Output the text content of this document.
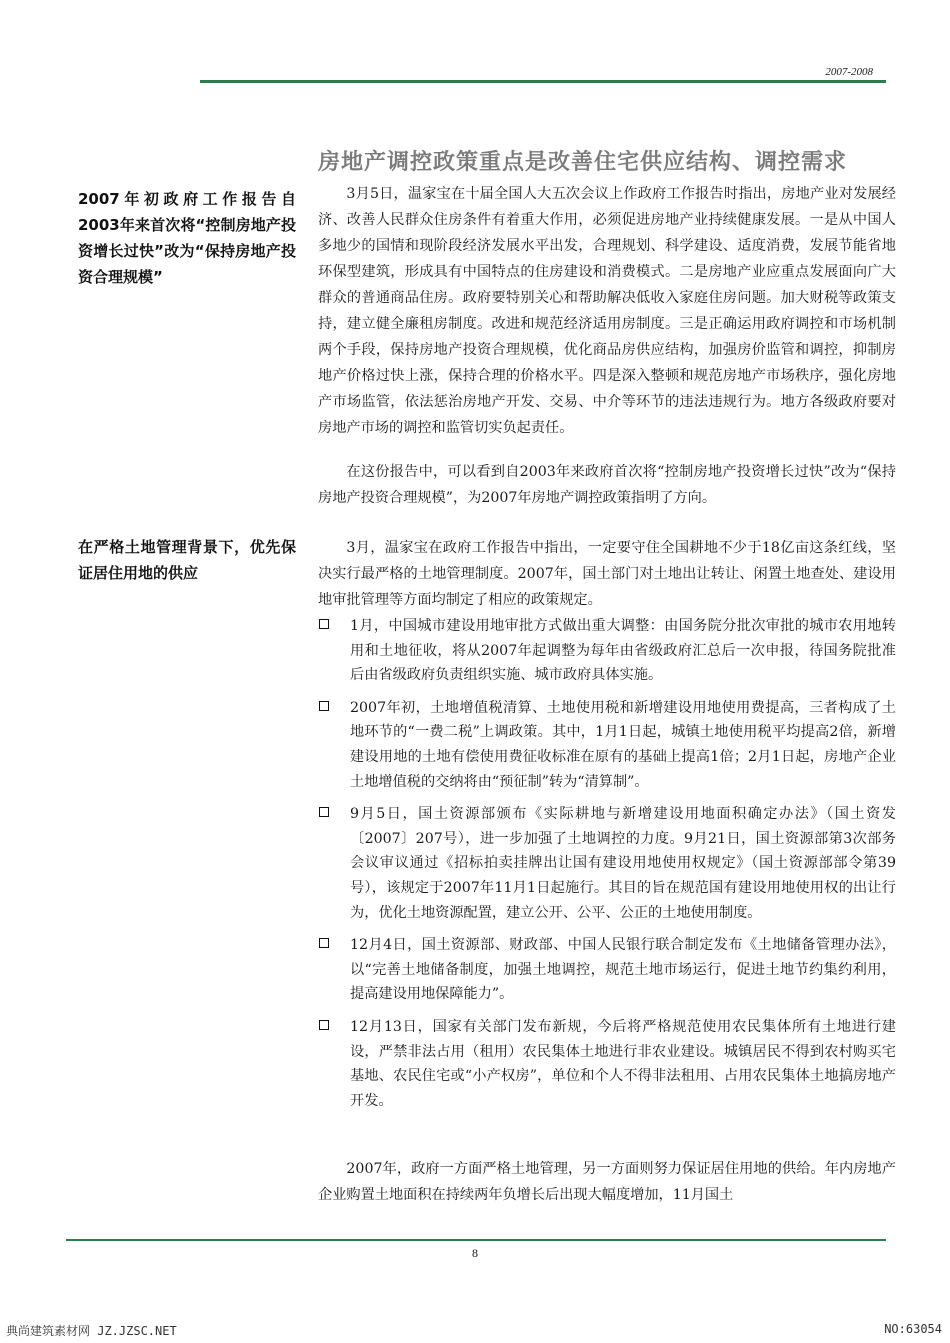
2007-2008
房地产调控政策重点是改善住宅供应结构、调控需求
2007年初政府工作报告自2003年来首次将“控制房地产投资增长过快”改为“保持房地产投资合理规模”
在严格土地管理背景下，优先保证居住用地的供应

3月5日，温家宝在十届全国人大五次会议上作政府工作报告时指出，房地产业对发展经济、改善人民群众住房条件有着重大作用，必须促进房地产业持续健康发展。一是从中国人多地少的国情和现阶段经济发展水平出发，合理规划、科学建设、适度消费，发展节能省地环保型建筑，形成具有中国特点的住房建设和消费模式。二是房地产业应重点发展面向广大群众的普通商品住房。政府要特别关心和帮助解决低收入家庭住房问题。加大财税等政策支持，建立健全廉租房制度。改进和规范经济适用房制度。三是正确运用政府调控和市场机制两个手段，保持房地产投资合理规模，优化商品房供应结构，加强房价监管和调控，抑制房地产价格过快上涨，保持合理的价格水平。四是深入整顿和规范房地产市场秩序，强化房地产市场监管，依法惩治房地产开发、交易、中介等环节的违法违规行为。地方各级政府要对房地产市场的调控和监管切实负起责任。

在这份报告中，可以看到自2003年来政府首次将“控制房地产投资增长过快”改为“保持房地产投资合理规模”，为2007年房地产调控政策指明了方向。

3月，温家宝在政府工作报告中指出，一定要守住全国耕地不少于18亿亩这条红线，坚决实行最严格的土地管理制度。2007年，国土部门对土地出让转让、闲置土地查处、建设用地审批管理等方面均制定了相应的政策规定。

1月，中国城市建设用地审批方式做出重大调整：由国务院分批次审批的城市农用地转用和土地征收，将从2007年起调整为每年由省级政府汇总后一次申报，待国务院批准后由省级政府负责组织实施、城市政府具体实施。
2007年初，土地增值税清算、土地使用税和新增建设用地使用费提高，三者构成了土地环节的“一费二税”上调政策。其中，1月1日起，城镇土地使用税平均提高2倍，新增建设用地的土地有偿使用费征收标准在原有的基础上提高1倍；2月1日起，房地产企业土地增值税的交纳将由“预征制”转为“清算制”。
9月5日，国土资源部颁布《实际耕地与新增建设用地面积确定办法》（国土资发〔2007〕207号），进一步加强了土地调控的力度。9月21日，国土资源部第3次部务会议审议通过《招标拍卖挂牌出让国有建设用地使用权规定》（国土资源部部令第39号），该规定于2007年11月1日起施行。其目的旨在规范国有建设用地使用权的出让行为，优化土地资源配置，建立公开、公平、公正的土地使用制度。
12月4日，国土资源部、财政部、中国人民银行联合制定发布《土地储备管理办法》，以“完善土地储备制度，加强土地调控，规范土地市场运行，促进土地节约集约利用，提高建设用地保障能力”。
12月13日，国家有关部门发布新规，今后将严格规范使用农民集体所有土地进行建设，严禁非法占用（租用）农民集体土地进行非农业建设。城镇居民不得到农村购买宅基地、农民住宅或“小产权房”，单位和个人不得非法租用、占用农民集体土地搞房地产开发。

2007年，政府一方面严格土地管理，另一方面则努力保证居住用地的供给。年内房地产企业购置土地面积在持续两年负增长后出现大幅度增加，11月国土

8
典尚建筑素材网 JZ.JZSC.NET	NO:63054
